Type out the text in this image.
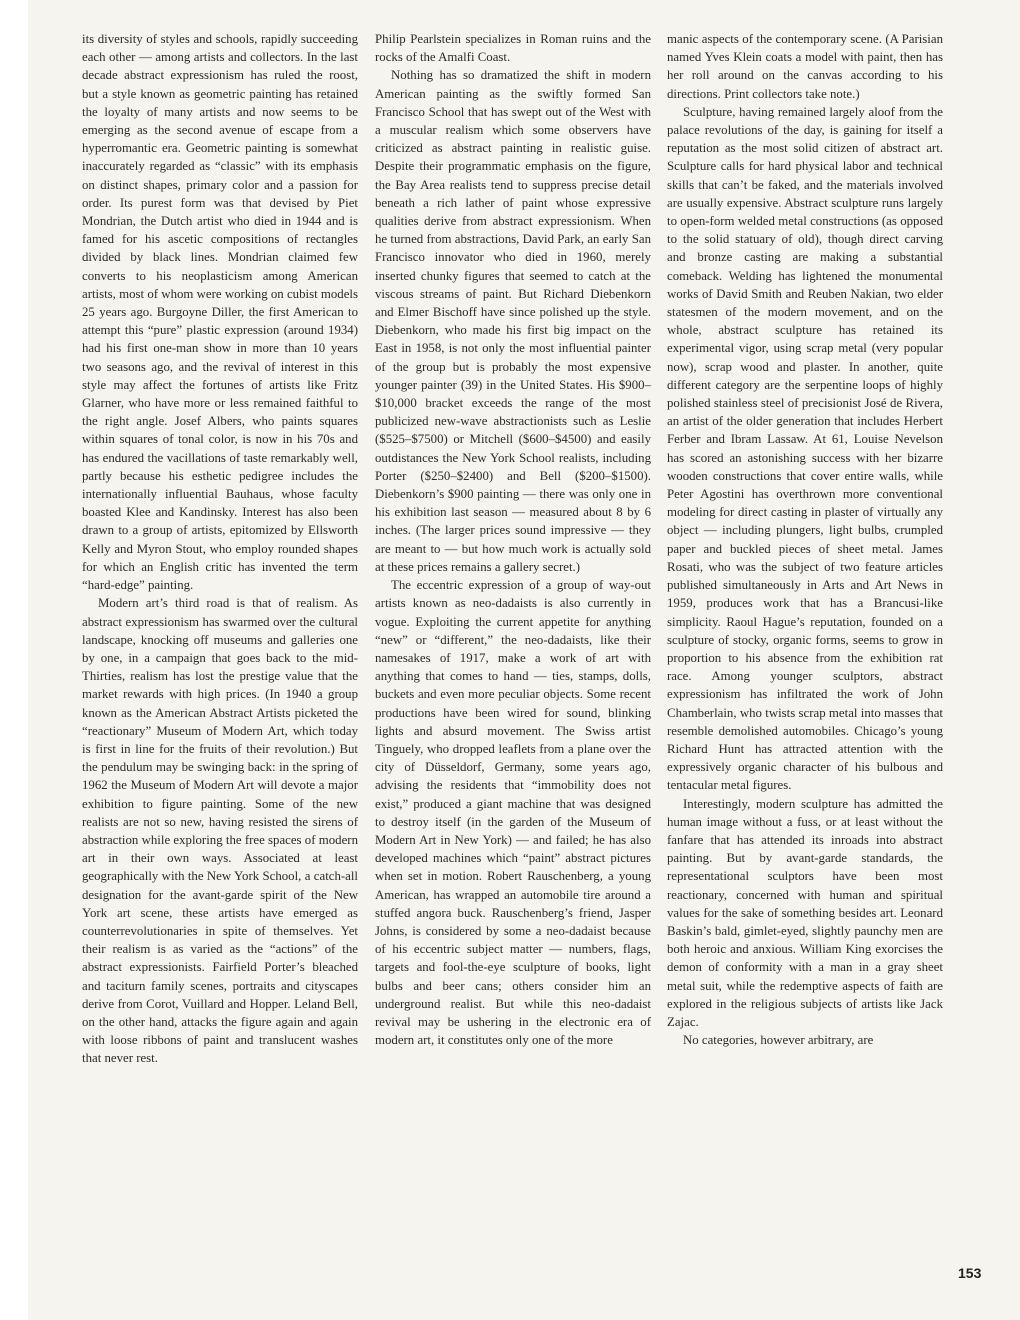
its diversity of styles and schools, rapidly succeeding each other — among artists and collectors. In the last decade abstract expressionism has ruled the roost, but a style known as geometric painting has retained the loyalty of many artists and now seems to be emerging as the second avenue of escape from a hyperromantic era. Geometric painting is somewhat inaccurately regarded as “classic” with its emphasis on distinct shapes, primary color and a passion for order. Its purest form was that devised by Piet Mondrian, the Dutch artist who died in 1944 and is famed for his ascetic compositions of rectangles divided by black lines. Mondrian claimed few converts to his neoplasticism among American artists, most of whom were working on cubist models 25 years ago. Burgoyne Diller, the first American to attempt this “pure” plastic expression (around 1934) had his first one-man show in more than 10 years two seasons ago, and the revival of interest in this style may affect the fortunes of artists like Fritz Glarner, who have more or less remained faithful to the right angle. Josef Albers, who paints squares within squares of tonal color, is now in his 70s and has endured the vacillations of taste remarkably well, partly because his esthetic pedigree includes the internationally influential Bauhaus, whose faculty boasted Klee and Kandinsky. Interest has also been drawn to a group of artists, epitomized by Ellsworth Kelly and Myron Stout, who employ rounded shapes for which an English critic has invented the term “hard-edge” painting.

Modern art’s third road is that of realism. As abstract expressionism has swarmed over the cultural landscape, knocking off museums and galleries one by one, in a campaign that goes back to the mid-Thirties, realism has lost the prestige value that the market rewards with high prices. (In 1940 a group known as the American Abstract Artists picketed the “reactionary” Museum of Modern Art, which today is first in line for the fruits of their revolution.) But the pendulum may be swinging back: in the spring of 1962 the Museum of Modern Art will devote a major exhibition to figure painting. Some of the new realists are not so new, having resisted the sirens of abstraction while exploring the free spaces of modern art in their own ways. Associated at least geographically with the New York School, a catch-all designation for the avant-garde spirit of the New York art scene, these artists have emerged as counterrevolutionaries in spite of themselves. Yet their realism is as varied as the “actions” of the abstract expressionists. Fairfield Porter’s bleached and taciturn family scenes, portraits and cityscapes derive from Corot, Vuillard and Hopper. Leland Bell, on the other hand, attacks the figure again and again with loose ribbons of paint and translucent washes that never rest.

Philip Pearlstein specializes in Roman ruins and the rocks of the Amalfi Coast.

Nothing has so dramatized the shift in modern American painting as the swiftly formed San Francisco School that has swept out of the West with a muscular realism which some observers have criticized as abstract painting in realistic guise. Despite their programmatic emphasis on the figure, the Bay Area realists tend to suppress precise detail beneath a rich lather of paint whose expressive qualities derive from abstract expressionism. When he turned from abstractions, David Park, an early San Francisco innovator who died in 1960, merely inserted chunky figures that seemed to catch at the viscous streams of paint. But Richard Diebenkorn and Elmer Bischoff have since polished up the style. Diebenkorn, who made his first big impact on the East in 1958, is not only the most influential painter of the group but is probably the most expensive younger painter (39) in the United States. His $900–$10,000 bracket exceeds the range of the most publicized new-wave abstractionists such as Leslie ($525–$7500) or Mitchell ($600–$4500) and easily outdistances the New York School realists, including Porter ($250–$2400) and Bell ($200–$1500). Diebenkorn’s $900 painting — there was only one in his exhibition last season — measured about 8 by 6 inches. (The larger prices sound impressive — they are meant to — but how much work is actually sold at these prices remains a gallery secret.)

The eccentric expression of a group of way-out artists known as neo-dadaists is also currently in vogue. Exploiting the current appetite for anything “new” or “different,” the neo-dadaists, like their namesakes of 1917, make a work of art with anything that comes to hand — ties, stamps, dolls, buckets and even more peculiar objects. Some recent productions have been wired for sound, blinking lights and absurd movement. The Swiss artist Tinguely, who dropped leaflets from a plane over the city of Düsseldorf, Germany, some years ago, advising the residents that “immobility does not exist,” produced a giant machine that was designed to destroy itself (in the garden of the Museum of Modern Art in New York) — and failed; he has also developed machines which “paint” abstract pictures when set in motion. Robert Rauschenberg, a young American, has wrapped an automobile tire around a stuffed angora buck. Rauschenberg’s friend, Jasper Johns, is considered by some a neo-dadaist because of his eccentric subject matter — numbers, flags, targets and fool-the-eye sculpture of books, light bulbs and beer cans; others consider him an underground realist. But while this neo-dadaist revival may be ushering in the electronic era of modern art, it constitutes only one of the more

manic aspects of the contemporary scene. (A Parisian named Yves Klein coats a model with paint, then has her roll around on the canvas according to his directions. Print collectors take note.)

Sculpture, having remained largely aloof from the palace revolutions of the day, is gaining for itself a reputation as the most solid citizen of abstract art. Sculpture calls for hard physical labor and technical skills that can’t be faked, and the materials involved are usually expensive. Abstract sculpture runs largely to open-form welded metal constructions (as opposed to the solid statuary of old), though direct carving and bronze casting are making a substantial comeback. Welding has lightened the monumental works of David Smith and Reuben Nakian, two elder statesmen of the modern movement, and on the whole, abstract sculpture has retained its experimental vigor, using scrap metal (very popular now), scrap wood and plaster. In another, quite different category are the serpentine loops of highly polished stainless steel of precisionist José de Rivera, an artist of the older generation that includes Herbert Ferber and Ibram Lassaw. At 61, Louise Nevelson has scored an astonishing success with her bizarre wooden constructions that cover entire walls, while Peter Agostini has overthrown more conventional modeling for direct casting in plaster of virtually any object — including plungers, light bulbs, crumpled paper and buckled pieces of sheet metal. James Rosati, who was the subject of two feature articles published simultaneously in Arts and Art News in 1959, produces work that has a Brancusi-like simplicity. Raoul Hague’s reputation, founded on a sculpture of stocky, organic forms, seems to grow in proportion to his absence from the exhibition rat race. Among younger sculptors, abstract expressionism has infiltrated the work of John Chamberlain, who twists scrap metal into masses that resemble demolished automobiles. Chicago’s young Richard Hunt has attracted attention with the expressively organic character of his bulbous and tentacular metal figures.

Interestingly, modern sculpture has admitted the human image without a fuss, or at least without the fanfare that has attended its inroads into abstract painting. But by avant-garde standards, the representational sculptors have been most reactionary, concerned with human and spiritual values for the sake of something besides art. Leonard Baskin’s bald, gimlet-eyed, slightly paunchy men are both heroic and anxious. William King exorcises the demon of conformity with a man in a gray sheet metal suit, while the redemptive aspects of faith are explored in the religious subjects of artists like Jack Zajac.

No categories, however arbitrary, are

153
